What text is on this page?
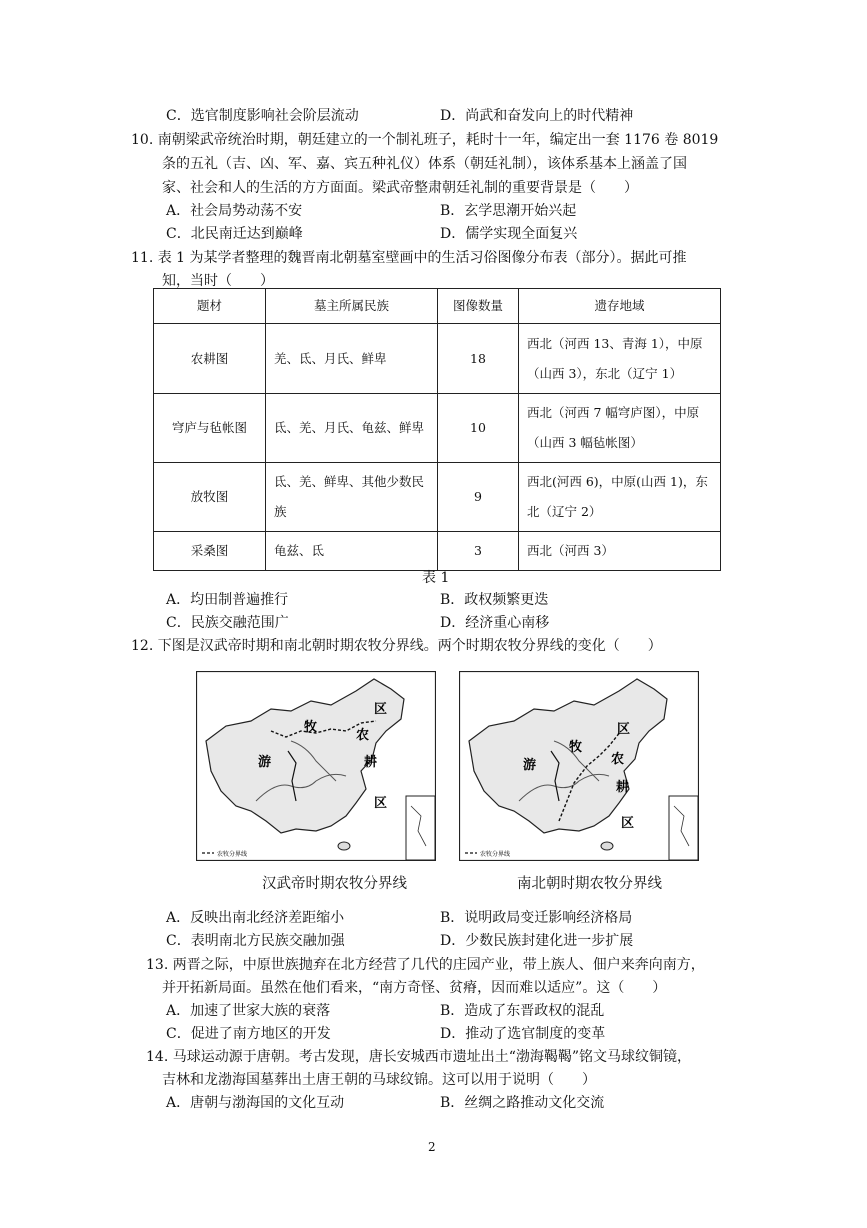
C．选官制度影响社会阶层流动	D．尚武和奋发向上的时代精神
10. 南朝梁武帝统治时期，朝廷建立的一个制礼班子，耗时十一年，编定出一套 1176 卷 8019
条的五礼（吉、凶、军、嘉、宾五种礼仪）体系（朝廷礼制），该体系基本上涵盖了国
家、社会和人的生活的方方面面。梁武帝整肃朝廷礼制的重要背景是（　　）
A．社会局势动荡不安	B．玄学思潮开始兴起
C．北民南迁达到巅峰	D．儒学实现全面复兴
11. 表 1 为某学者整理的魏晋南北朝墓室壁画中的生活习俗图像分布表（部分）。据此可推
知，当时（　　）
题材	墓主所属民族	图像数量	遗存地域
农耕图	羌、氐、月氏、鲜卑	18	西北（河西 13、青海 1），中原（山西 3），东北（辽宁 1）
穹庐与毡帐图	氐、羌、月氏、龟兹、鲜卑	10	西北（河西 7 幅穹庐图），中原（山西 3 幅毡帐图）
放牧图	氐、羌、鲜卑、其他少数民族	9	西北(河西 6)，中原(山西 1)，东北（辽宁 2）
采桑图	龟兹、氐	3	西北（河西 3）
表 1
A．均田制普遍推行	B．政权频繁更迭
C．民族交融范围广	D．经济重心南移
12. 下图是汉武帝时期和南北朝时期农牧分界线。两个时期农牧分界线的变化（　　）
农牧分界线
游
牧
区
农
耕
区
农牧分界线
游
牧
区
农
耕
区
汉武帝时期农牧分界线	南北朝时期农牧分界线
A．反映出南北经济差距缩小	B．说明政局变迁影响经济格局
C．表明南北方民族交融加强	D．少数民族封建化进一步扩展
13. 两晋之际，中原世族抛弃在北方经营了几代的庄园产业，带上族人、佃户来奔向南方，
并开拓新局面。虽然在他们看来，“南方奇怪、贫瘠，因而难以适应”。这（　　）
A．加速了世家大族的衰落	B．造成了东晋政权的混乱
C．促进了南方地区的开发	D．推动了选官制度的变革
14. 马球运动源于唐朝。考古发现，唐长安城西市遗址出土“渤海鞨鞨”铭文马球纹铜镜，
吉林和龙渤海国墓葬出土唐王朝的马球纹锦。这可以用于说明（　　）
A．唐朝与渤海国的文化互动	B．丝绸之路推动文化交流
2
